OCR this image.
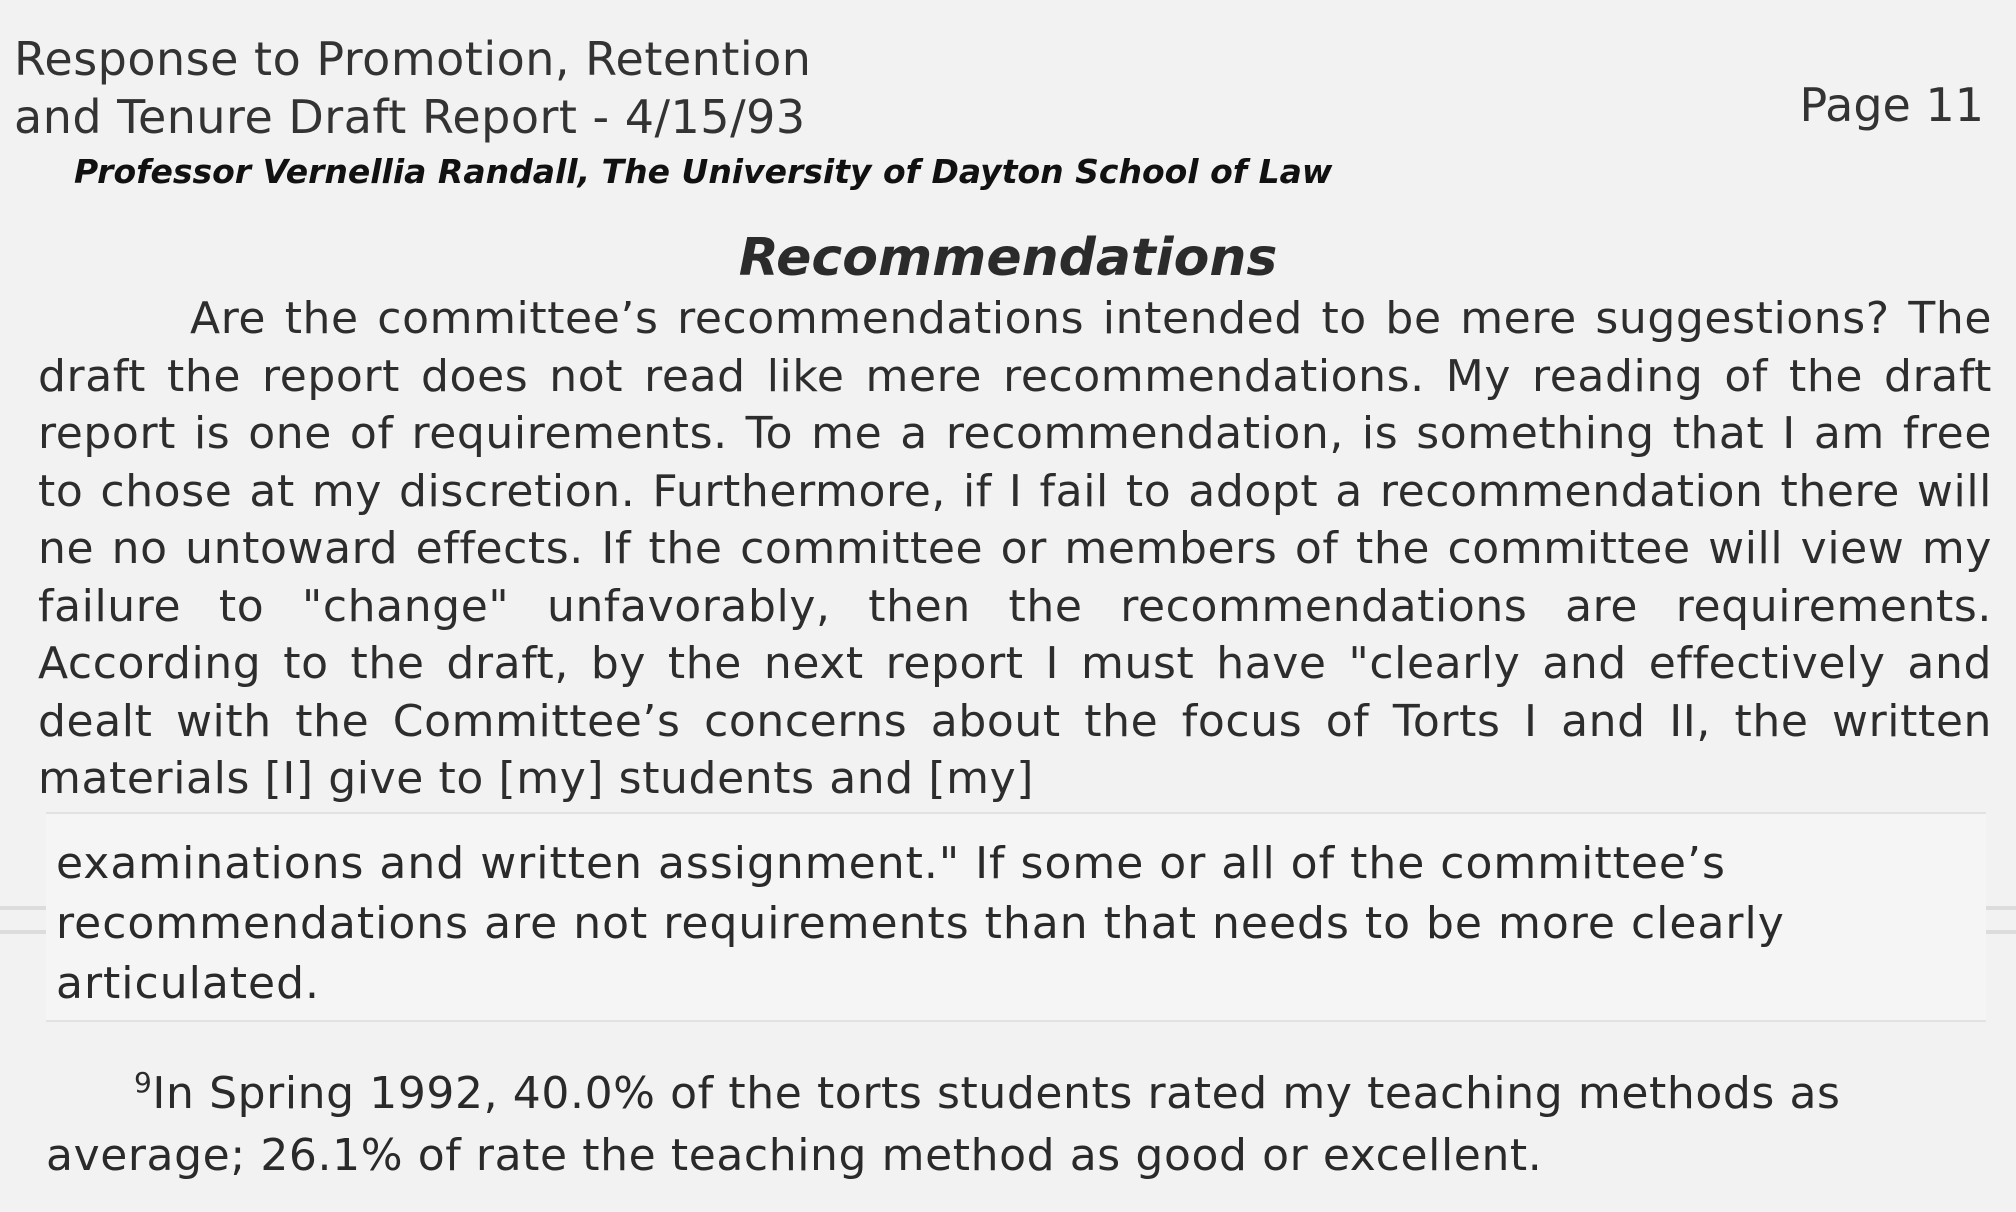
Response to Promotion, Retention
and Tenure Draft Report - 4/15/93	Page 11
Professor Vernellia Randall, The University of Dayton School of Law
Recommendations
Are the committee’s recommendations intended to be mere suggestions? The draft the report does not read like mere recommendations. My reading of the draft report is one of requirements. To me a recommendation, is something that I am free to chose at my discretion. Furthermore, if I fail to adopt a recommendation there will ne no untoward effects. If the committee or members of the committee will view my failure to "change" unfavorably, then the recommendations are requirements. According to the draft, by the next report I must have "clearly and effectively and dealt with the Committee’s concerns about the focus of Torts I and II, the written materials [I] give to [my] students and [my]
examinations and written assignment." If some or all of the committee’s recommendations are not requirements than that needs to be more clearly articulated.
$^9$In Spring 1992, 40.0% of the torts students rated my teaching methods as average; 26.1% of rate the teaching method as good or excellent.
